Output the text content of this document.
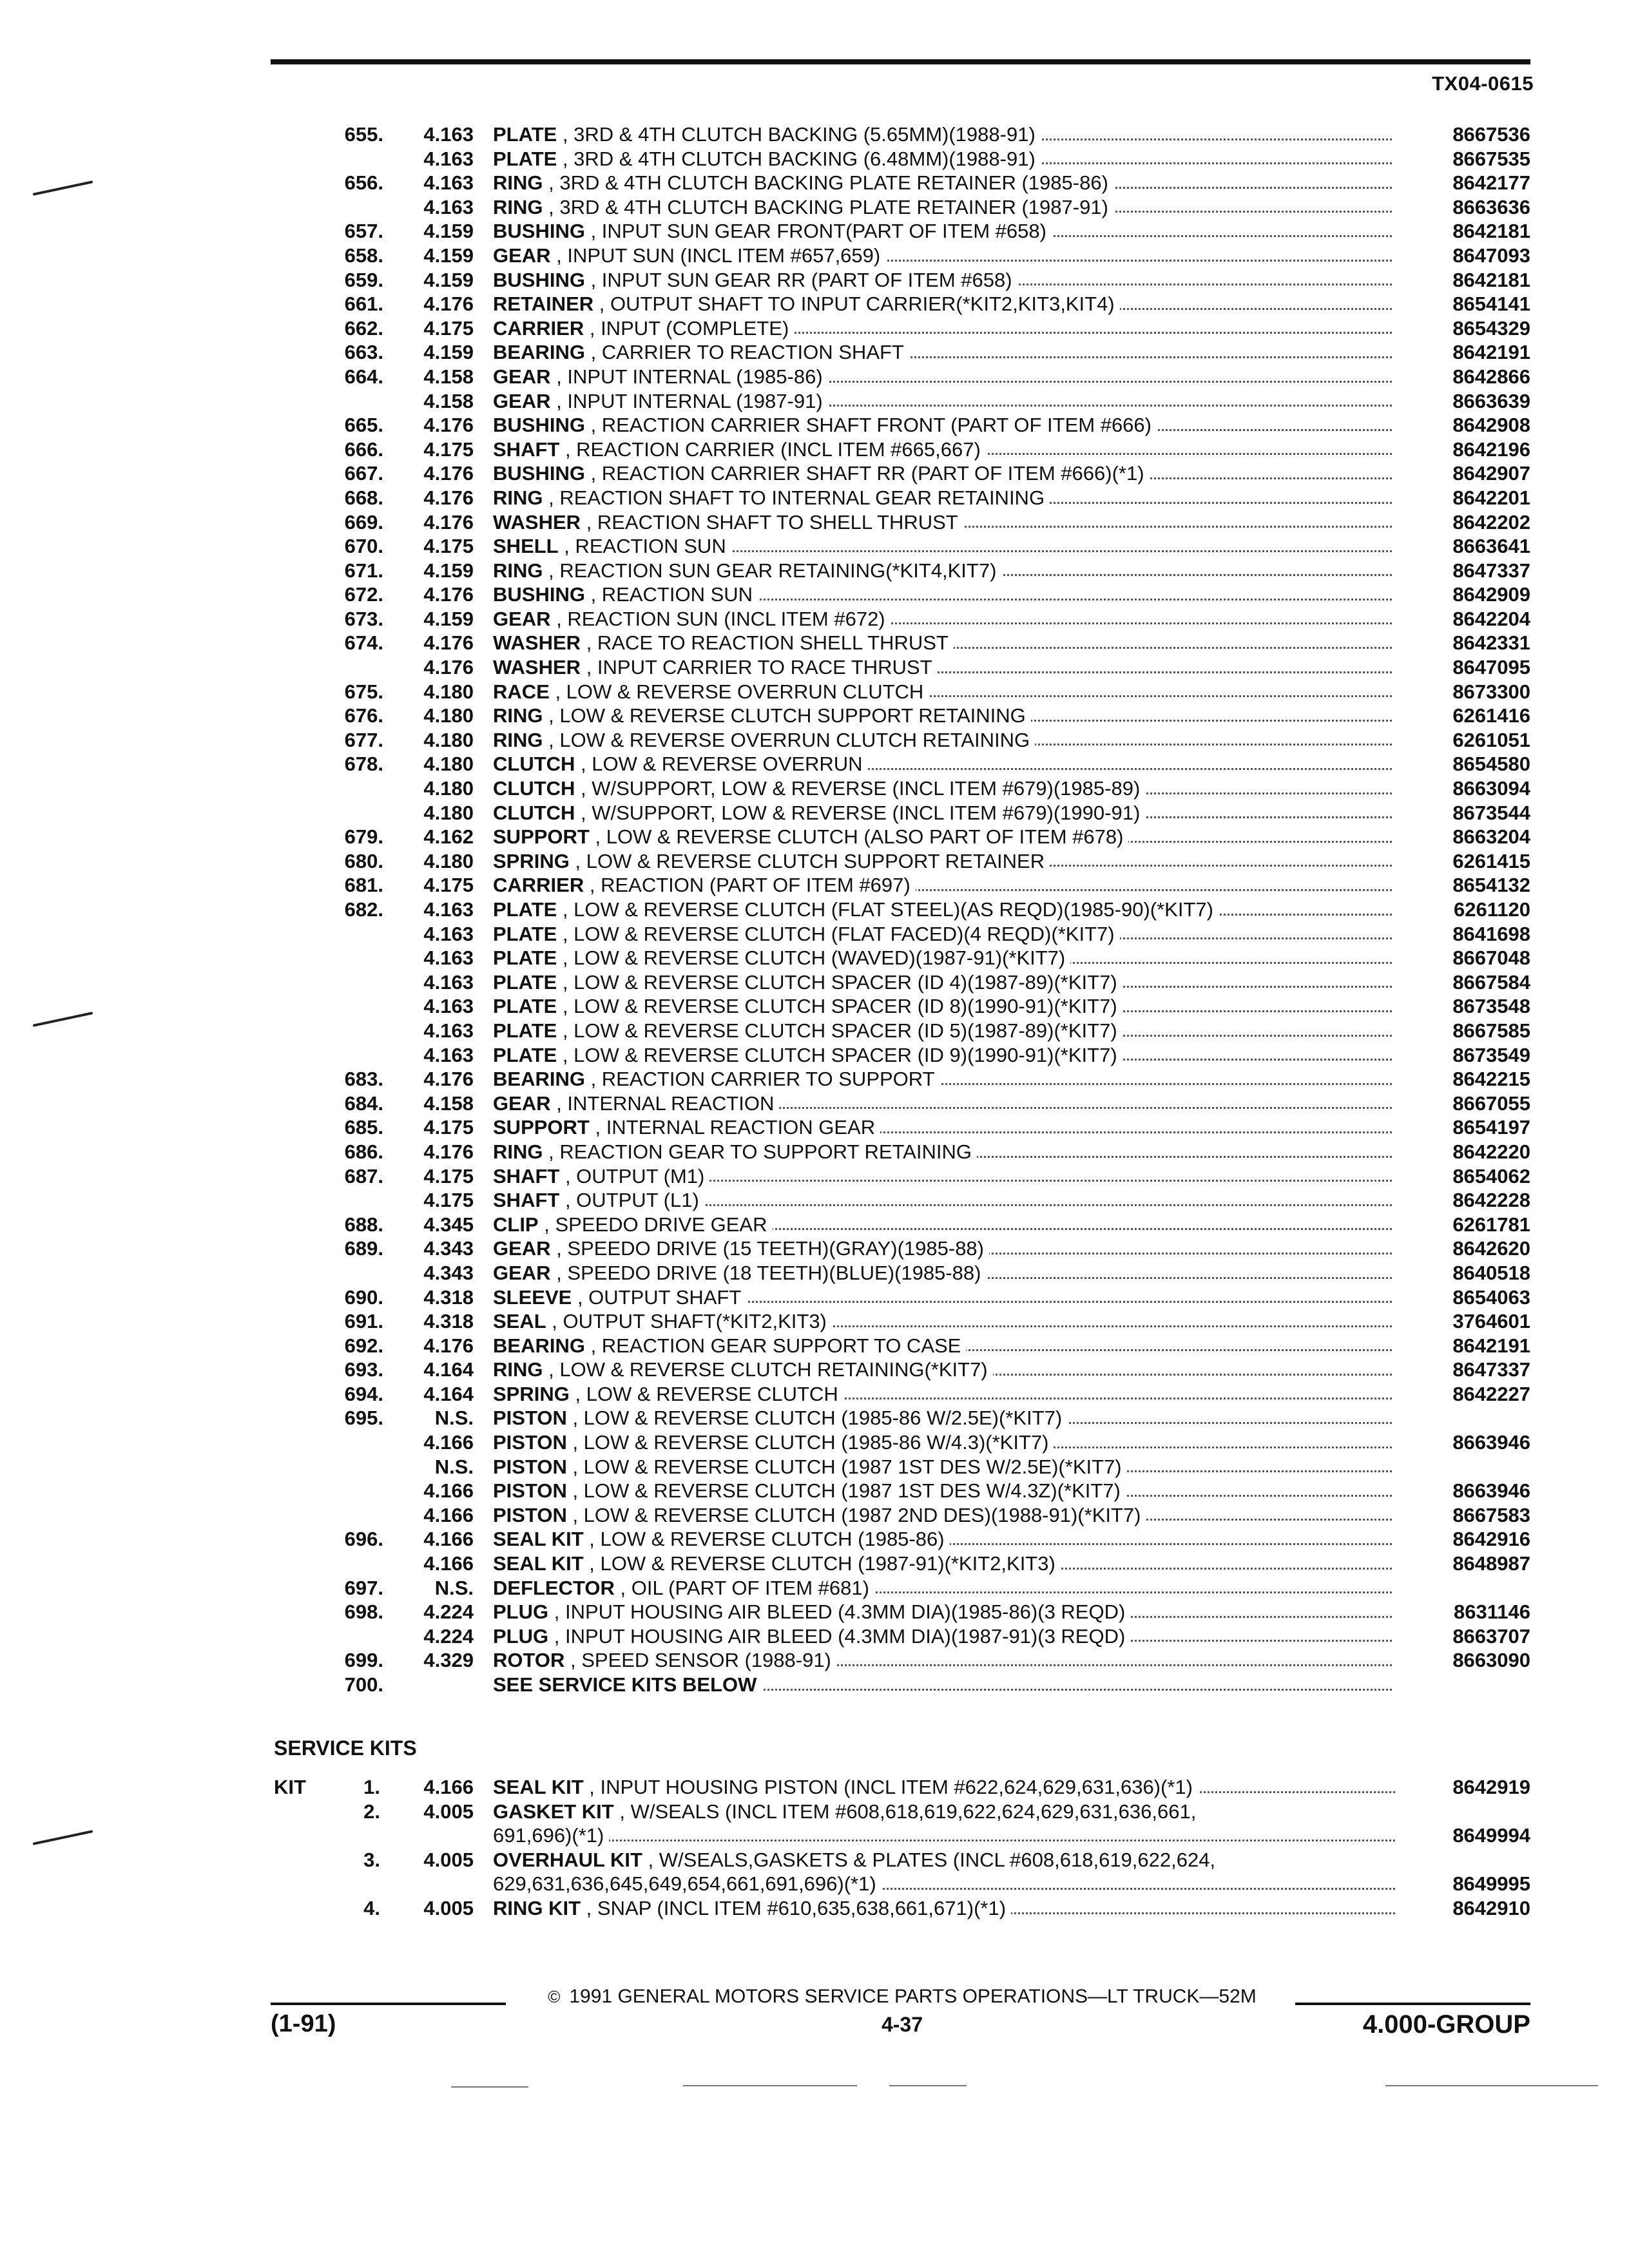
TX04-0615
655.	4.163 PLATE , 3RD & 4TH CLUTCH BACKING (5.65MM)(1988-91)	8667536
4.163 PLATE , 3RD & 4TH CLUTCH BACKING (6.48MM)(1988-91)	8667535
656.	4.163 RING , 3RD & 4TH CLUTCH BACKING PLATE RETAINER (1985-86)	8642177
4.163 RING , 3RD & 4TH CLUTCH BACKING PLATE RETAINER (1987-91)	8663636
657.	4.159 BUSHING , INPUT SUN GEAR FRONT(PART OF ITEM #658)	8642181
658.	4.159 GEAR , INPUT SUN (INCL ITEM #657,659)	8647093
659.	4.159 BUSHING , INPUT SUN GEAR RR (PART OF ITEM #658)	8642181
661.	4.176 RETAINER , OUTPUT SHAFT TO INPUT CARRIER(*KIT2,KIT3,KIT4)	8654141
662.	4.175 CARRIER , INPUT (COMPLETE)	8654329
663.	4.159 BEARING , CARRIER TO REACTION SHAFT	8642191
664.	4.158 GEAR , INPUT INTERNAL (1985-86)	8642866
4.158 GEAR , INPUT INTERNAL (1987-91)	8663639
665.	4.176 BUSHING , REACTION CARRIER SHAFT FRONT (PART OF ITEM #666)	8642908
666.	4.175 SHAFT , REACTION CARRIER (INCL ITEM #665,667)	8642196
667.	4.176 BUSHING , REACTION CARRIER SHAFT RR (PART OF ITEM #666)(*1)	8642907
668.	4.176 RING , REACTION SHAFT TO INTERNAL GEAR RETAINING	8642201
669.	4.176 WASHER , REACTION SHAFT TO SHELL THRUST	8642202
670.	4.175 SHELL , REACTION SUN	8663641
671.	4.159 RING , REACTION SUN GEAR RETAINING(*KIT4,KIT7)	8647337
672.	4.176 BUSHING , REACTION SUN	8642909
673.	4.159 GEAR , REACTION SUN (INCL ITEM #672)	8642204
674.	4.176 WASHER , RACE TO REACTION SHELL THRUST	8642331
4.176 WASHER , INPUT CARRIER TO RACE THRUST	8647095
675.	4.180 RACE , LOW & REVERSE OVERRUN CLUTCH	8673300
676.	4.180 RING , LOW & REVERSE CLUTCH SUPPORT RETAINING	6261416
677.	4.180 RING , LOW & REVERSE OVERRUN CLUTCH RETAINING	6261051
678.	4.180 CLUTCH , LOW & REVERSE OVERRUN	8654580
4.180 CLUTCH , W/SUPPORT, LOW & REVERSE (INCL ITEM #679)(1985-89)	8663094
4.180 CLUTCH , W/SUPPORT, LOW & REVERSE (INCL ITEM #679)(1990-91)	8673544
679.	4.162 SUPPORT , LOW & REVERSE CLUTCH (ALSO PART OF ITEM #678)	8663204
680.	4.180 SPRING , LOW & REVERSE CLUTCH SUPPORT RETAINER	6261415
681.	4.175 CARRIER , REACTION (PART OF ITEM #697)	8654132
682.	4.163 PLATE , LOW & REVERSE CLUTCH (FLAT STEEL)(AS REQD)(1985-90)(*KIT7)	6261120
4.163 PLATE , LOW & REVERSE CLUTCH (FLAT FACED)(4 REQD)(*KIT7)	8641698
4.163 PLATE , LOW & REVERSE CLUTCH (WAVED)(1987-91)(*KIT7)	8667048
4.163 PLATE , LOW & REVERSE CLUTCH SPACER (ID 4)(1987-89)(*KIT7)	8667584
4.163 PLATE , LOW & REVERSE CLUTCH SPACER (ID 8)(1990-91)(*KIT7)	8673548
4.163 PLATE , LOW & REVERSE CLUTCH SPACER (ID 5)(1987-89)(*KIT7)	8667585
4.163 PLATE , LOW & REVERSE CLUTCH SPACER (ID 9)(1990-91)(*KIT7)	8673549
683.	4.176 BEARING , REACTION CARRIER TO SUPPORT	8642215
684.	4.158 GEAR , INTERNAL REACTION	8667055
685.	4.175 SUPPORT , INTERNAL REACTION GEAR	8654197
686.	4.176 RING , REACTION GEAR TO SUPPORT RETAINING	8642220
687.	4.175 SHAFT , OUTPUT (M1)	8654062
4.175 SHAFT , OUTPUT (L1)	8642228
688.	4.345 CLIP , SPEEDO DRIVE GEAR	6261781
689.	4.343 GEAR , SPEEDO DRIVE (15 TEETH)(GRAY)(1985-88)	8642620
4.343 GEAR , SPEEDO DRIVE (18 TEETH)(BLUE)(1985-88)	8640518
690.	4.318 SLEEVE , OUTPUT SHAFT	8654063
691.	4.318 SEAL , OUTPUT SHAFT(*KIT2,KIT3)	3764601
692.	4.176 BEARING , REACTION GEAR SUPPORT TO CASE	8642191
693.	4.164 RING , LOW & REVERSE CLUTCH RETAINING(*KIT7)	8647337
694.	4.164 SPRING , LOW & REVERSE CLUTCH	8642227
695.	N.S. PISTON , LOW & REVERSE CLUTCH (1985-86 W/2.5E)(*KIT7)
4.166 PISTON , LOW & REVERSE CLUTCH (1985-86 W/4.3)(*KIT7)	8663946
N.S. PISTON , LOW & REVERSE CLUTCH (1987 1ST DES W/2.5E)(*KIT7)
4.166 PISTON , LOW & REVERSE CLUTCH (1987 1ST DES W/4.3Z)(*KIT7)	8663946
4.166 PISTON , LOW & REVERSE CLUTCH (1987 2ND DES)(1988-91)(*KIT7)	8667583
696.	4.166 SEAL KIT , LOW & REVERSE CLUTCH (1985-86)	8642916
4.166 SEAL KIT , LOW & REVERSE CLUTCH (1987-91)(*KIT2,KIT3)	8648987
697.	N.S. DEFLECTOR , OIL (PART OF ITEM #681)
698.	4.224 PLUG , INPUT HOUSING AIR BLEED (4.3MM DIA)(1985-86)(3 REQD)	8631146
4.224 PLUG , INPUT HOUSING AIR BLEED (4.3MM DIA)(1987-91)(3 REQD)	8663707
699.	4.329 ROTOR , SPEED SENSOR (1988-91)	8663090
700.	SEE SERVICE KITS BELOW
SERVICE KITS
KIT	1.	4.166 SEAL KIT , INPUT HOUSING PISTON (INCL ITEM #622,624,629,631,636)(*1)	8642919
2.	4.005 GASKET KIT , W/SEALS (INCL ITEM #608,618,619,622,624,629,631,636,661,
691,696)(*1)	8649994
3.	4.005 OVERHAUL KIT , W/SEALS,GASKETS & PLATES (INCL #608,618,619,622,624,
629,631,636,645,649,654,661,691,696)(*1)	8649995
4.	4.005 RING KIT , SNAP (INCL ITEM #610,635,638,661,671)(*1)	8642910
© 1991 GENERAL MOTORS SERVICE PARTS OPERATIONS—LT TRUCK—52M
(1-91)	4-37	4.000-GROUP
